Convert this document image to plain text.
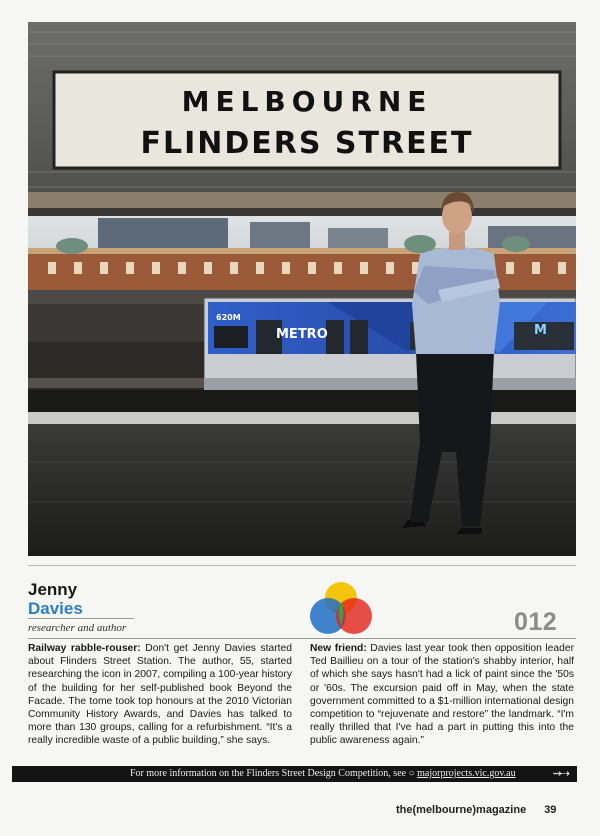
MELBOURNE
FLINDERS STREET
620M
METRO	M
Jenny
Davies
researcher and author	012
Railway rabble-rouser: Don't get Jenny Davies started about Flinders Street Station. The author, 55, started researching the icon in 2007, compiling a 100-year history of the building for her self-published book Beyond the Facade. The tome took top honours at the 2010 Victorian Community History Awards, and Davies has talked to more than 130 groups, calling for a refurbishment. “It's a really incredible waste of a public building,” she says.
New friend: Davies last year took then opposition leader Ted Baillieu on a tour of the station's shabby interior, half of which she says hasn't had a lick of paint since the '50s or '60s. The excursion paid off in May, when the state government committed to a $1-million international design competition to “rejuvenate and restore” the landmark. “I'm really thrilled that I've had a part in putting this into the public awareness again.”
For more information on the Flinders Street Design Competition, see ○ majorprojects.vic.gov.au	⇝⇢
the(melbourne)magazine 39
